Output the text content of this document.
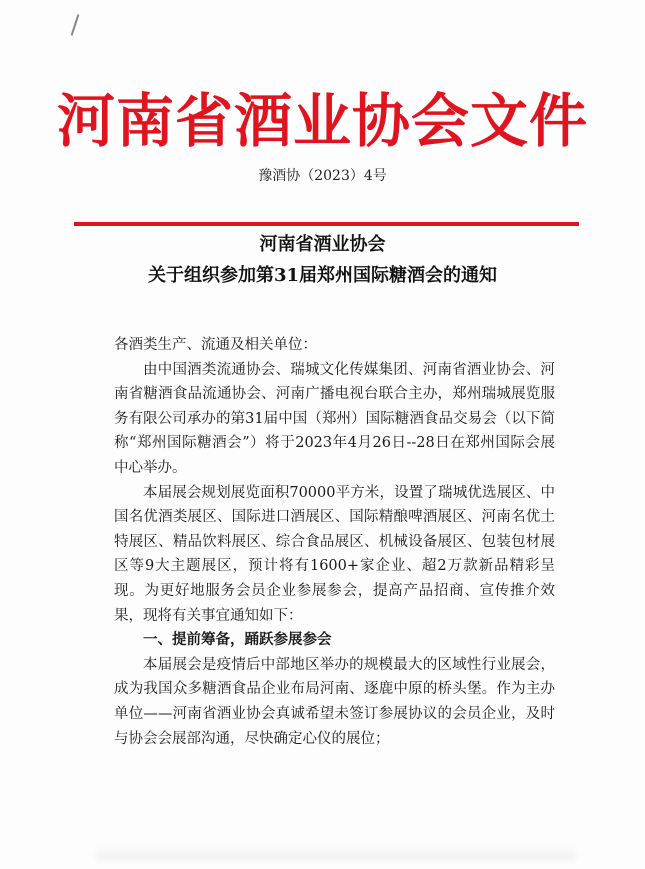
河南省酒业协会文件
豫酒协（2023）4号
河南省酒业协会
关于组织参加第31届郑州国际糖酒会的通知

各酒类生产、流通及相关单位：

由中国酒类流通协会、瑞城文化传媒集团、河南省酒业协会、河南省糖酒食品流通协会、河南广播电视台联合主办，郑州瑞城展览服务有限公司承办的第31届中国（郑州）国际糖酒食品交易会（以下简称“郑州国际糖酒会”）将于2023年4月26日--28日在郑州国际会展中心举办。

本届展会规划展览面积70000平方米，设置了瑞城优选展区、中国名优酒类展区、国际进口酒展区、国际精酿啤酒展区、河南名优土特展区、精品饮料展区、综合食品展区、机械设备展区、包装包材展区等9大主题展区，预计将有1600+家企业、超2万款新品精彩呈现。为更好地服务会员企业参展参会，提高产品招商、宣传推介效果，现将有关事宜通知如下：

一、提前筹备，踊跃参展参会

本届展会是疫情后中部地区举办的规模最大的区域性行业展会，成为我国众多糖酒食品企业布局河南、逐鹿中原的桥头堡。作为主办单位——河南省酒业协会真诚希望未签订参展协议的会员企业，及时与协会会展部沟通，尽快确定心仪的展位；
